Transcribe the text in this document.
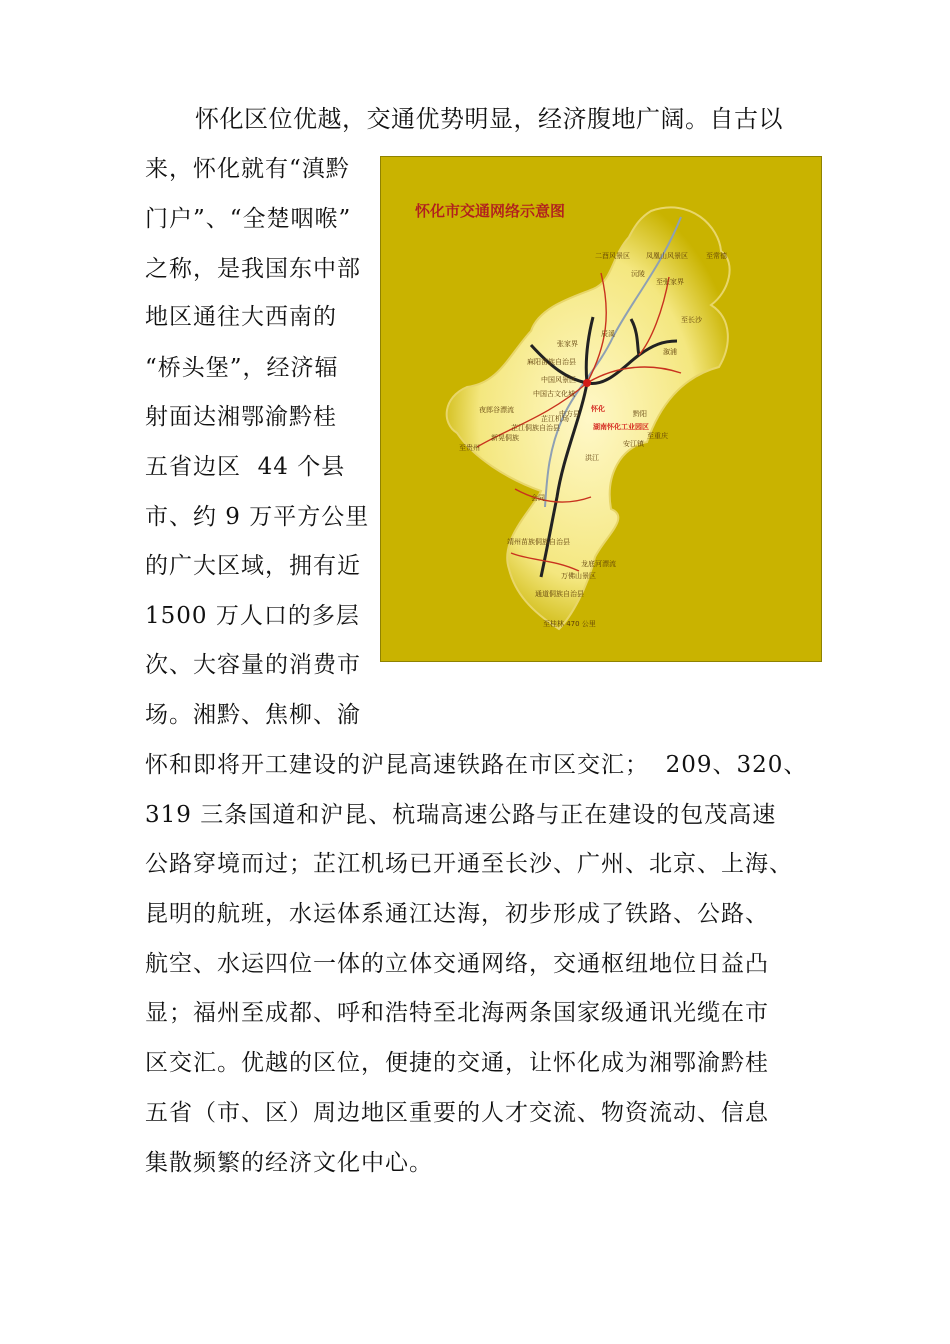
怀化区位优越，交通优势明显，经济腹地广阔。自古以
来，怀化就有“滇黔
门户”、“全楚咽喉”
之称，是我国东中部
地区通往大西南的
“桥头堡”，经济辐
射面达湘鄂渝黔桂
五省边区  44 个县
市、约 9 万平方公里
的广大区域，拥有近
1500 万人口的多层
次、大容量的消费市
场。湘黔、焦柳、渝
怀和即将开工建设的沪昆高速铁路在市区交汇；  209、320、
319 三条国道和沪昆、杭瑞高速公路与正在建设的包茂高速
公路穿境而过；芷江机场已开通至长沙、广州、北京、上海、
昆明的航班，水运体系通江达海，初步形成了铁路、公路、
航空、水运四位一体的立体交通网络，交通枢纽地位日益凸
显；福州至成都、呼和浩特至北海两条国家级通讯光缆在市
区交汇。优越的区位，便捷的交通，让怀化成为湘鄂渝黔桂
五省（市、区）周边地区重要的人才交流、物资流动、信息
集散频繁的经济文化中心。
怀化市交通网络示意图
二酉风景区 凤凰山风景区	至常德
沅陵
至张家界
至长沙
辰溪
溆浦
张家界
麻阳苗族自治县
中国风景区
中国古文化城
中方县	黔阳
夜郎谷漂流
芷江侗族自治县
芷江机场
怀化
湖南怀化工业园区
安江镇
至重庆
至贵州
新晃侗族
洪江
会同
靖州苗族侗族自治县
通道侗族自治县
龙底河漂流
万佛山景区
至桂林 470 公里
